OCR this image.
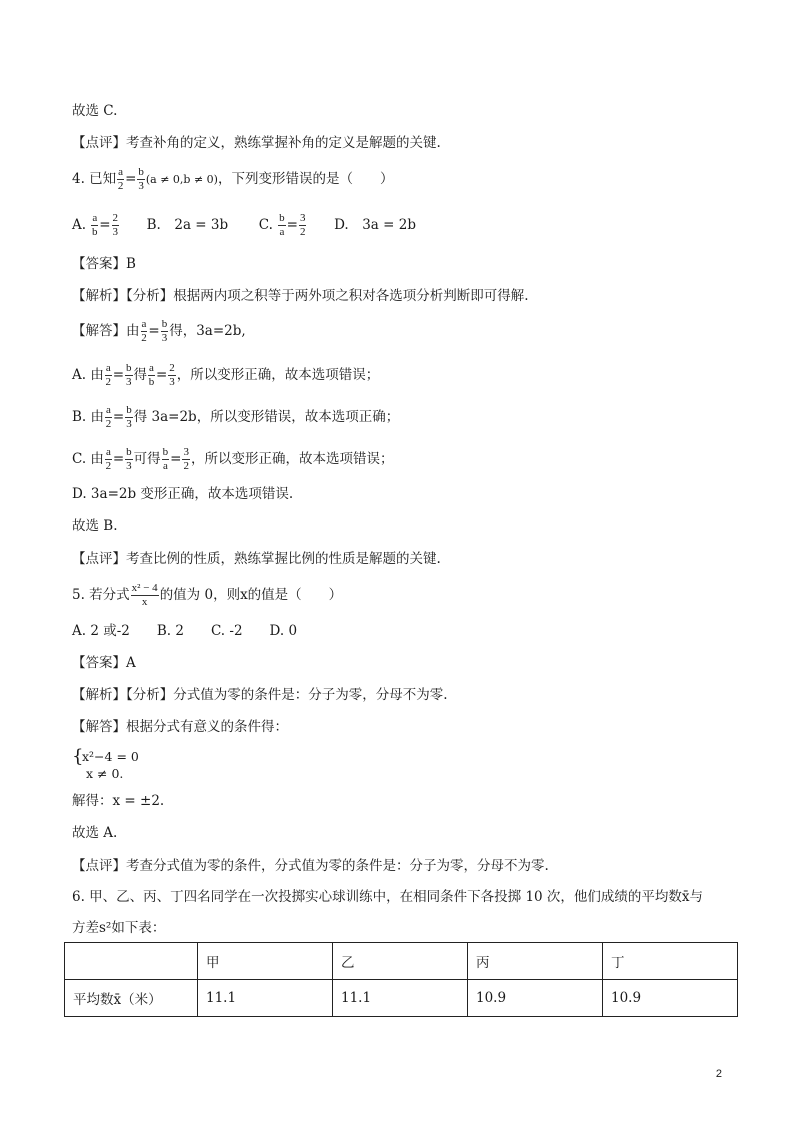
故选 C.
【点评】考查补角的定义，熟练掌握补角的定义是解题的关键.
4. 已知 $\frac{a}{2} = \frac{b}{3} (a \ne 0,b \ne 0)$，下列变形错误的是（　　）
A. $\frac{a}{b} = \frac{2}{3} B$.　2a = 3b C. $\frac{b}{a} = \frac{3}{2} D$.　3a = 2b
【答案】B
【解析】【分析】根据两内项之积等于两外项之积对各选项分析判断即可得解.
【解答】由 $\frac{a}{2} = \frac{b}{3}$ 得，3a=2b,
A. 由 $\frac{a}{2} = \frac{b}{3}$ 得 $\frac{a}{b} = \frac{2}{3}$ ，所以变形正确，故本选项错误；
B. 由 $\frac{a}{2} = \frac{b}{3}$ 得 3a=2b，所以变形错误，故本选项正确；
C. 由 $\frac{a}{2} = \frac{b}{3}$ 可得 $\frac{b}{a} = \frac{3}{2}$ ，所以变形正确，故本选项错误；
D. 3a=2b 变形正确，故本选项错误.
故选 B.
【点评】考查比例的性质，熟练掌握比例的性质是解题的关键.
5. 若分式 $\frac{\text{x² − 4}}{x}$ 的值为 0，则x的值是（　　）
A. 2 或-2　　B. 2　　C. -2　　D. 0
【答案】A
【解析】【分析】分式值为零的条件是：分子为零，分母不为零.
【解答】根据分式有意义的条件得：
{
x²−4 = 0
x ≠ 0.
解得：x = ±2.
故选 A.
【点评】考查分式值为零的条件，分式值为零的条件是：分子为零，分母不为零.
6. 甲、乙、丙、丁四名同学在一次投掷实心球训练中，在相同条件下各投掷 10 次，他们成绩的平均数x̄与
方差s²如下表：
	甲	乙	丙	丁
平均数x̄（米）	11.1	11.1	10.9	10.9
2
